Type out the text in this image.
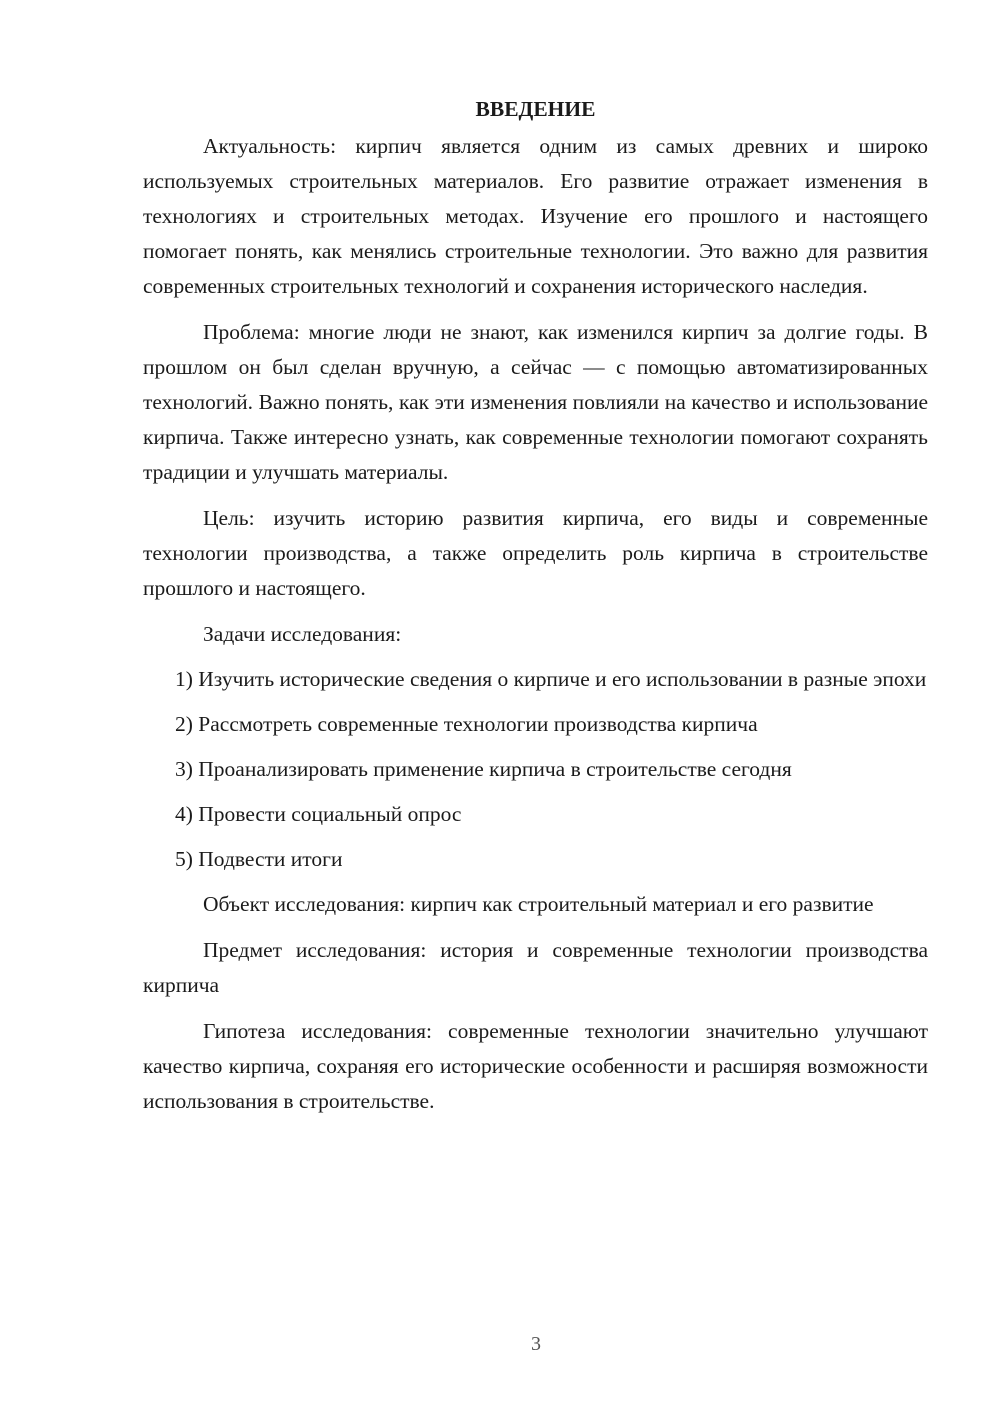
ВВЕДЕНИЕ

Актуальность: кирпич является одним из самых древних и широко используемых строительных материалов. Его развитие отражает изменения в технологиях и строительных методах. Изучение его прошлого и настоящего помогает понять, как менялись строительные технологии. Это важно для развития современных строительных технологий и сохранения исторического наследия.

Проблема: многие люди не знают, как изменился кирпич за долгие годы. В прошлом он был сделан вручную, а сейчас — с помощью автоматизированных технологий. Важно понять, как эти изменения повлияли на качество и использование кирпича. Также интересно узнать, как современные технологии помогают сохранять традиции и улучшать материалы.

Цель: изучить историю развития кирпича, его виды и современные технологии производства, а также определить роль кирпича в строительстве прошлого и настоящего.

Задачи исследования:

1) Изучить исторические сведения о кирпиче и его использовании в разные эпохи

2) Рассмотреть современные технологии производства кирпича

3) Проанализировать применение кирпича в строительстве сегодня

4) Провести социальный опрос

5) Подвести итоги

Объект исследования: кирпич как строительный материал и его развитие

Предмет исследования: история и современные технологии производства кирпича

Гипотеза исследования: современные технологии значительно улучшают качество кирпича, сохраняя его исторические особенности и расширяя возможности использования в строительстве.

3
